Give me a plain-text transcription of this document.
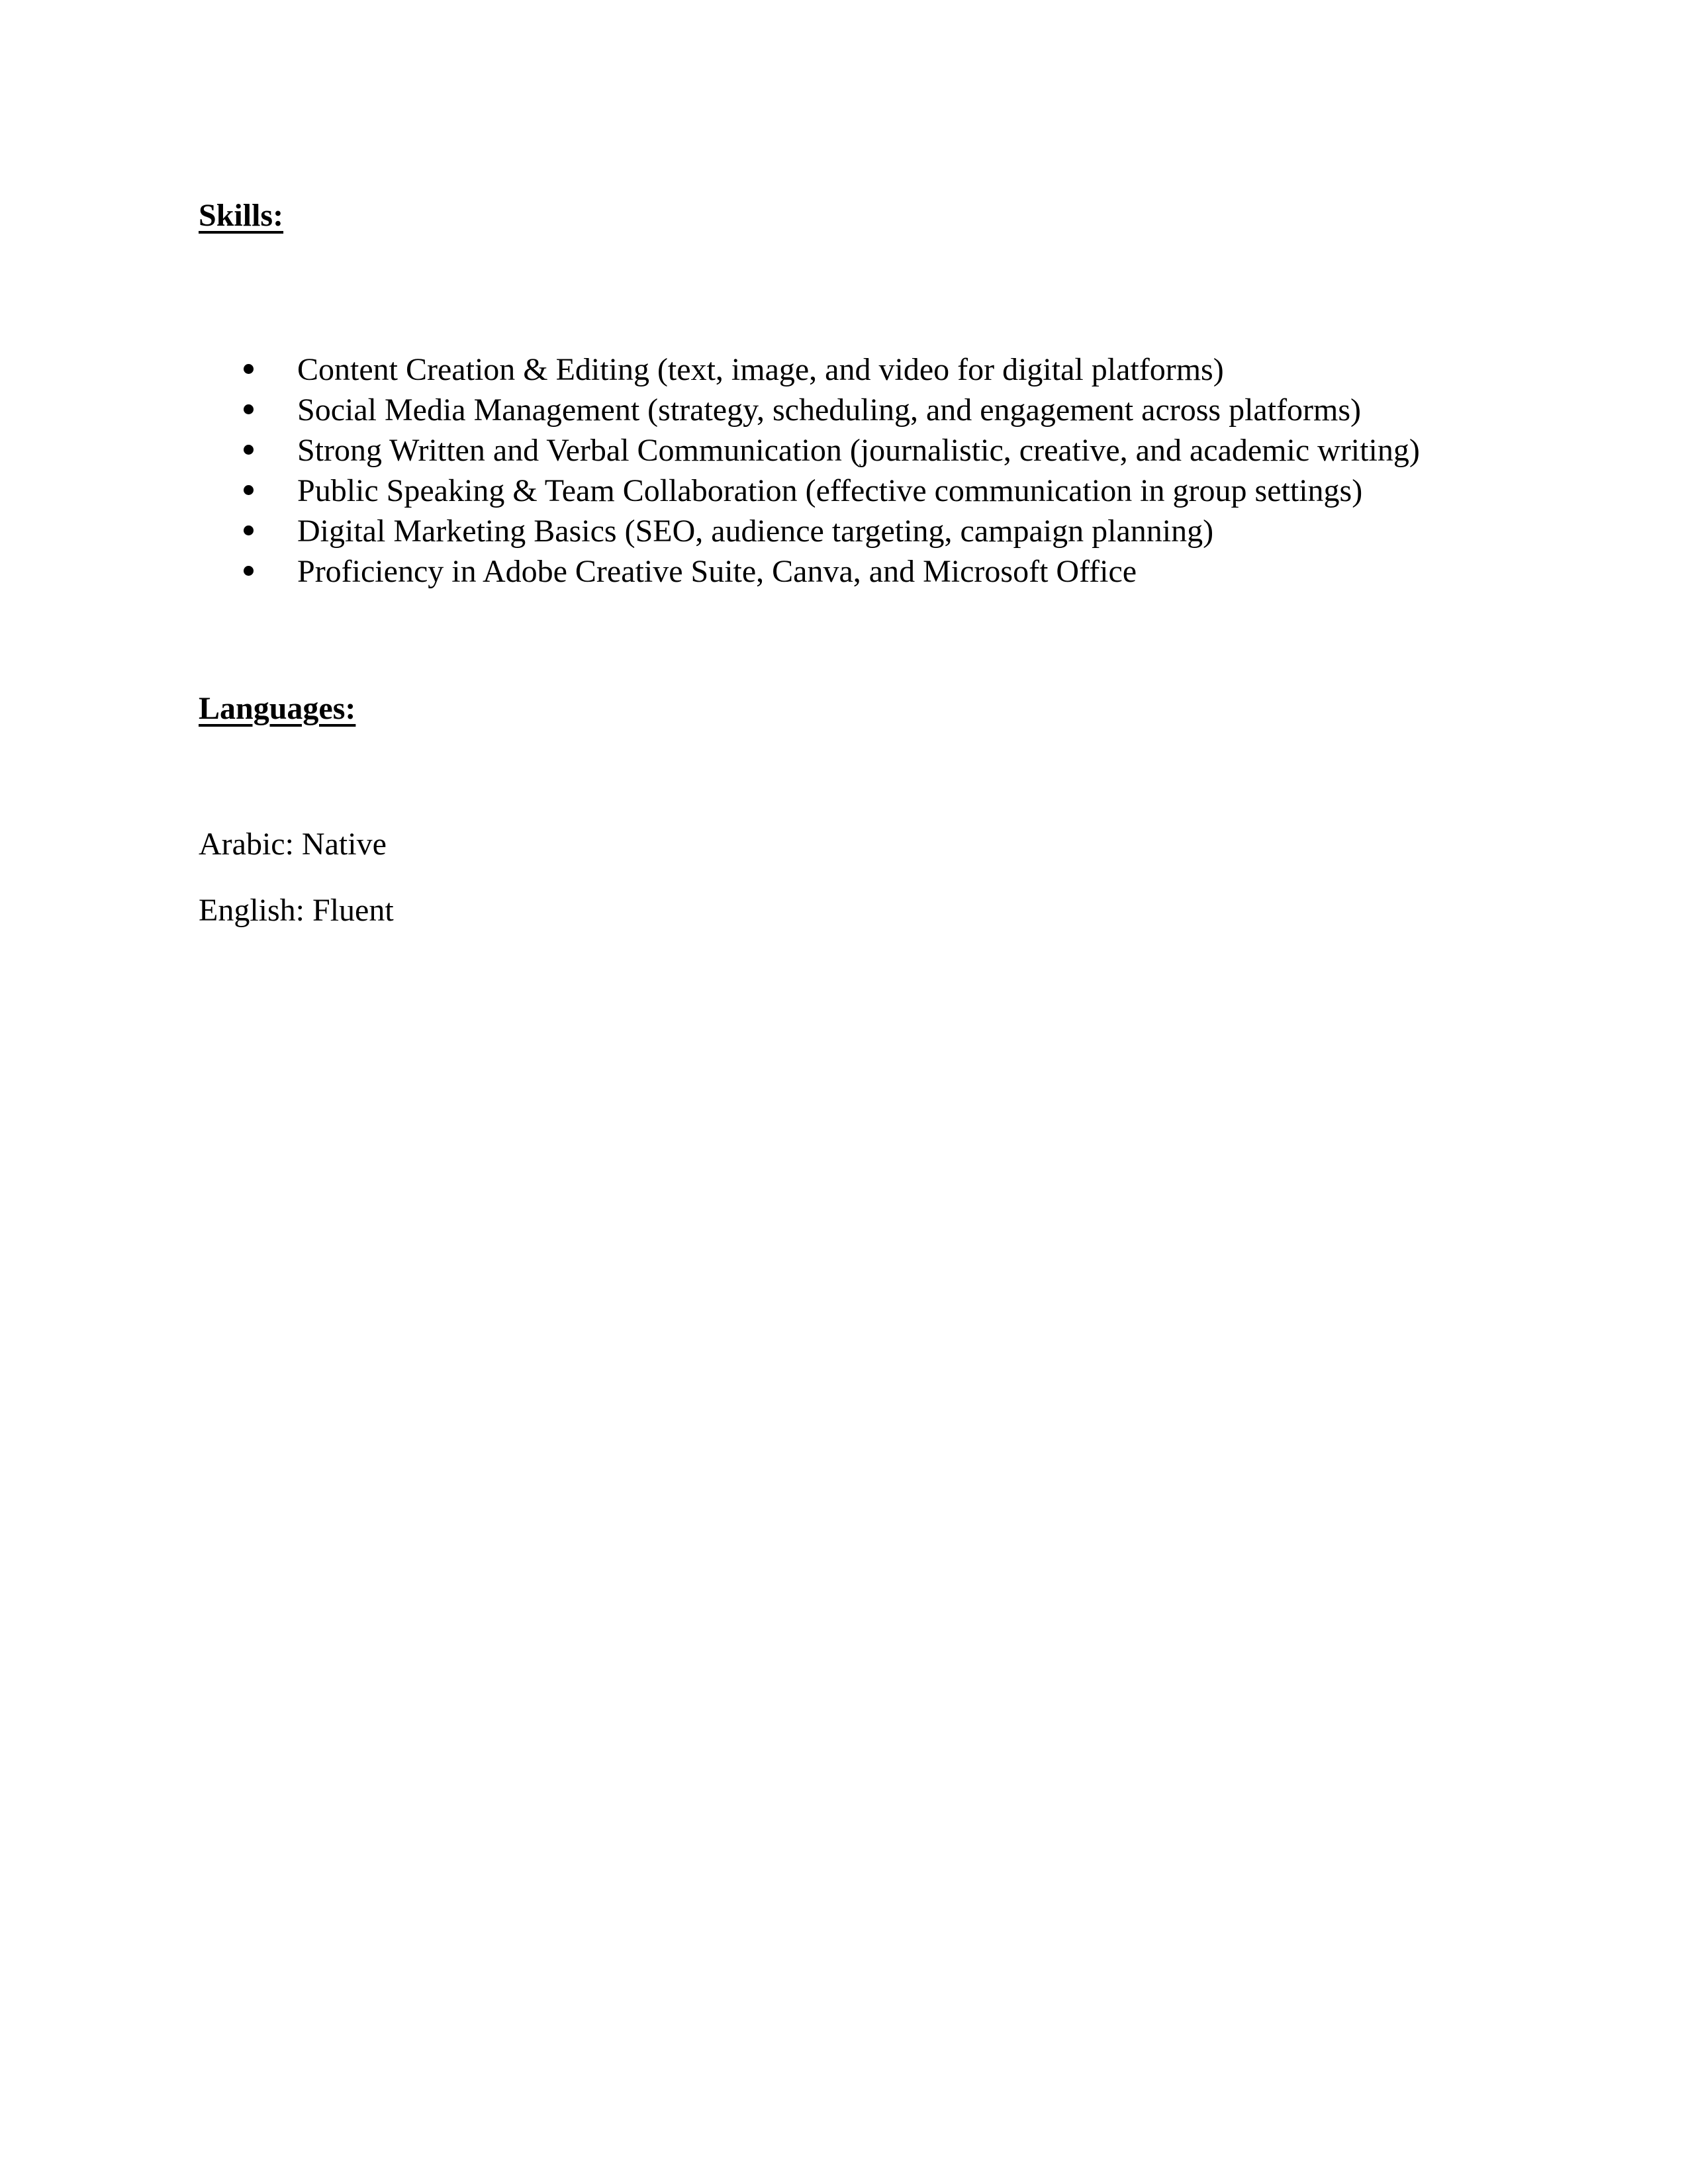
Skills:
Content Creation & Editing (text, image, and video for digital platforms)
Social Media Management (strategy, scheduling, and engagement across platforms)
Strong Written and Verbal Communication (journalistic, creative, and academic writing)
Public Speaking & Team Collaboration (effective communication in group settings)
Digital Marketing Basics (SEO, audience targeting, campaign planning)
Proficiency in Adobe Creative Suite, Canva, and Microsoft Office
Languages:
Arabic: Native
English: Fluent
